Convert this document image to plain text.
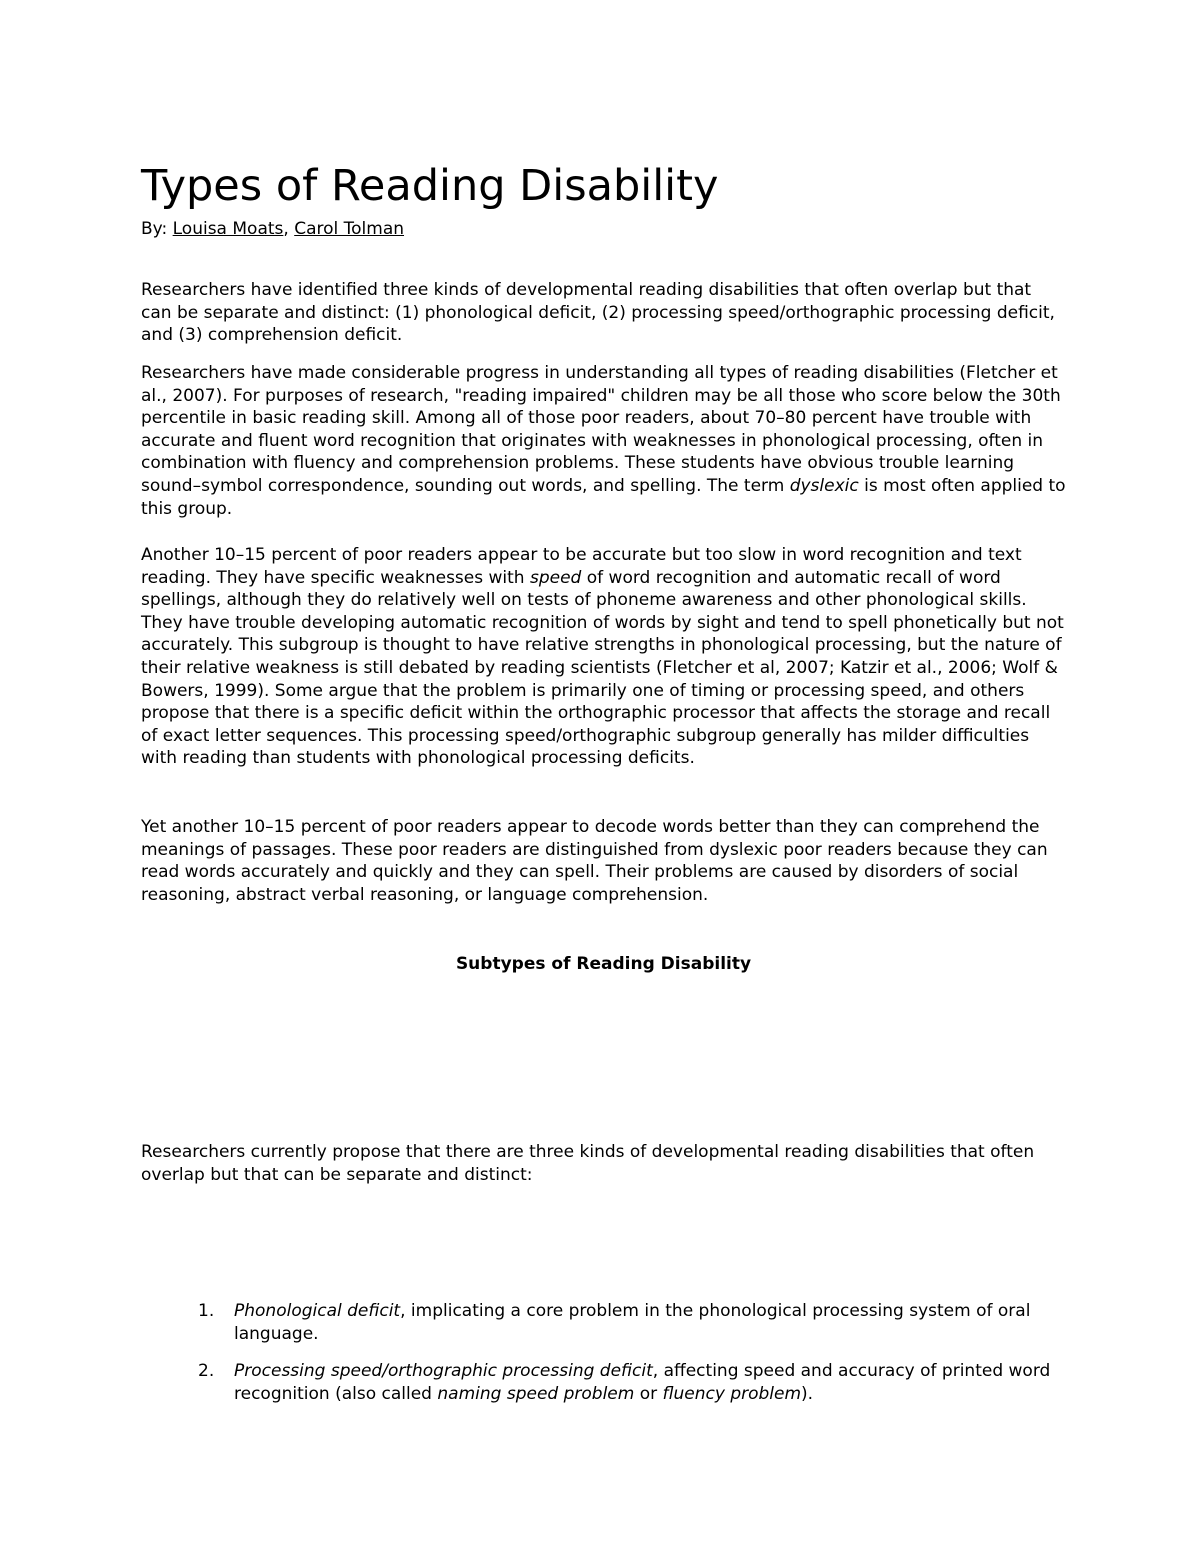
Types of Reading Disability
By: Louisa Moats, Carol Tolman

Researchers have identified three kinds of developmental reading disabilities that often overlap but that can be separate and distinct: (1) phonological deficit, (2) processing speed/orthographic processing deficit, and (3) comprehension deficit.

Researchers have made considerable progress in understanding all types of reading disabilities (Fletcher et al., 2007). For purposes of research, "reading impaired" children may be all those who score below the 30th percentile in basic reading skill. Among all of those poor readers, about 70–80 percent have trouble with accurate and fluent word recognition that originates with weaknesses in phonological processing, often in combination with fluency and comprehension problems. These students have obvious trouble learning sound–symbol correspondence, sounding out words, and spelling. The term dyslexic is most often applied to this group.

Another 10–15 percent of poor readers appear to be accurate but too slow in word recognition and text reading. They have specific weaknesses with speed of word recognition and automatic recall of word spellings, although they do relatively well on tests of phoneme awareness and other phonological skills. They have trouble developing automatic recognition of words by sight and tend to spell phonetically but not accurately. This subgroup is thought to have relative strengths in phonological processing, but the nature of their relative weakness is still debated by reading scientists (Fletcher et al, 2007; Katzir et al., 2006; Wolf & Bowers, 1999). Some argue that the problem is primarily one of timing or processing speed, and others propose that there is a specific deficit within the orthographic processor that affects the storage and recall of exact letter sequences. This processing speed/orthographic subgroup generally has milder difficulties with reading than students with phonological processing deficits.

Yet another 10–15 percent of poor readers appear to decode words better than they can comprehend the meanings of passages. These poor readers are distinguished from dyslexic poor readers because they can read words accurately and quickly and they can spell. Their problems are caused by disorders of social reasoning, abstract verbal reasoning, or language comprehension.

Subtypes of Reading Disability

Researchers currently propose that there are three kinds of developmental reading disabilities that often overlap but that can be separate and distinct:

1. Phonological deficit, implicating a core problem in the phonological processing system of oral language.
2. Processing speed/orthographic processing deficit, affecting speed and accuracy of printed word recognition (also called naming speed problem or fluency problem).
